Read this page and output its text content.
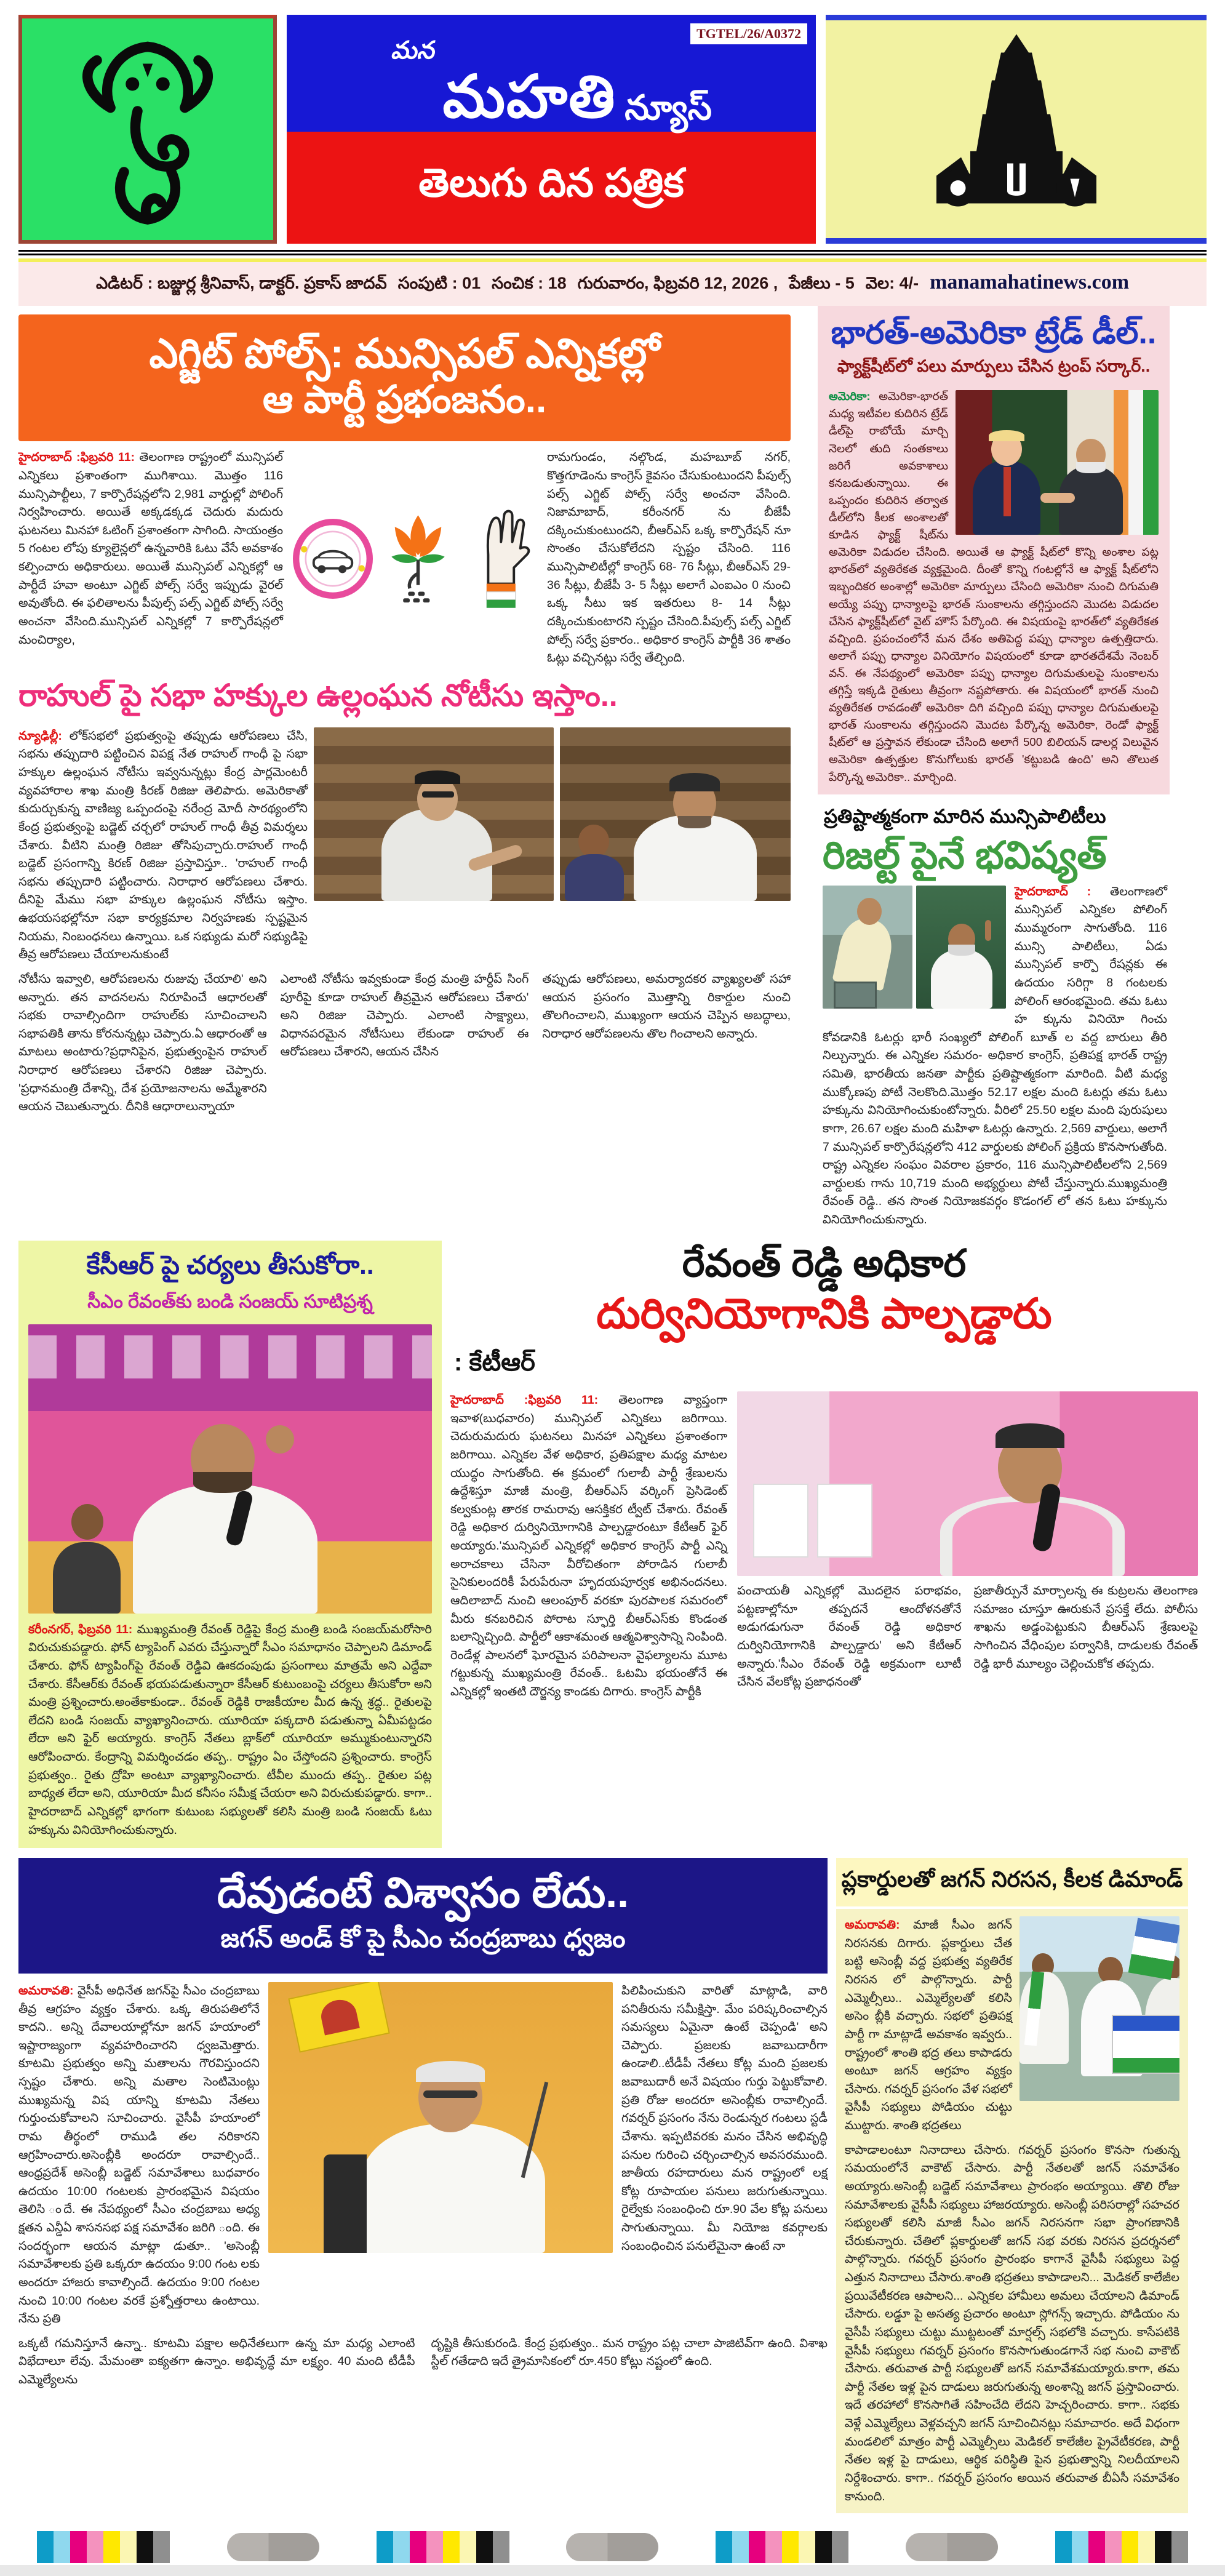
TGTEL/26/A0372
మన
మహతి న్యూస్
తెలుగు దిన పత్రిక
ఎడిటర్ : బజ్జుర్ల శ్రీనివాస్, డాక్టర్. ప్రకాస్ జాదవ్ సంపుటి : 01 సంచిక : 18 గురువారం, ఫిబ్రవరి 12, 2026 , పేజీలు - 5 వెల: 4/- manamahatinews.com
ఎగ్జిట్ పోల్స్: మున్సిపల్ ఎన్నికల్లో
ఆ పార్టీ ప్రభంజనం..

హైదరాబాద్ :ఫిబ్రవరి 11: తెలంగాణ రాష్ట్రంలో మున్సిపల్ ఎన్నికలు ప్రశాంతంగా ముగిశాయి. మొత్తం 116 మున్సిపాల్టీలు, 7 కార్పొరేషన్లలోని 2,981 వార్డుల్లో పోలింగ్ నిర్వహించారు. అయితే అక్కడక్కడ చెదురు మదురు ఘటనలు మినహా ఓటింగ్ ప్రశాంతంగా సాగింది. సాయంత్రం 5 గంటల లోపు క్యూలైన్లలో ఉన్నవారికి ఓటు వేసే అవకాశం కల్పించారు అధికారులు. అయితే మున్సిపల్ ఎన్నికల్లో ఆ పార్టీదే హవా అంటూ ఎగ్జిట్ పోల్స్ సర్వే ఇప్పుడు వైరల్ అవుతోంది. ఈ ఫలితాలను పీపుల్స్ పల్స్ ఎగ్జిట్ పోల్స్ సర్వే అంచనా వేసింది.మున్సిపల్ ఎన్నికల్లో 7 కార్పొరేషన్లలో మంచిర్యాల,

రామగుండం, నల్గొండ, మహబూబ్ నగర్, కొత్తగూడెంను కాంగ్రెస్ కైవసం చేసుకుంటుందని పీపుల్స్ పల్స్ ఎగ్జిట్ పోల్స్ సర్వే అంచనా వేసింది. నిజామాబాద్, కరీంనగర్ ను బీజేపీ దక్కించుకుంటుందని, బీఆర్ఎస్ ఒక్క కార్పొరేషన్ నూ సొంతం చేసుకోలేదని స్పష్టం చేసింది. 116 మున్సిపాలిటీల్లో కాంగ్రెస్ 68- 76 సీట్లు, బీఆర్ఎస్ 29- 36 సీట్లు, బీజేపీ 3- 5 సీట్లు అలాగే ఎంఐఎం 0 నుంచి ఒక్క సీటు ఇక ఇతరులు 8- 14 సీట్లు దక్కించుకుంటారని స్పష్టం చేసింది.పీపుల్స్ పల్స్ ఎగ్జిట్ పోల్స్ సర్వే ప్రకారం.. అధికార కాంగ్రెస్ పార్టీకి 36 శాతం ఓట్లు వచ్చినట్లు సర్వే తేల్చింది.

రాహుల్ పై సభా హక్కుల ఉల్లంఘన నోటీసు ఇస్తాం..

న్యూఢిల్లీ: లోక్‌సభలో ప్రభుత్వంపై తప్పుడు ఆరోపణలు చేసి, సభను తప్పుదారి పట్టించిన విపక్ష నేత రాహుల్ గాంధీ పై సభా హక్కుల ఉల్లంఘన నోటీసు ఇవ్వనున్నట్లు కేంద్ర పార్లమెంటరీ వ్యవహారాల శాఖ మంత్రి కిరణ్ రిజిజు తెలిపారు. అమెరికాతో కుదుర్చుకున్న వాణిజ్య ఒప్పందంపై నరేంద్ర మోదీ సారథ్యంలోని కేంద్ర ప్రభుత్వంపై బడ్జెట్ చర్చలో రాహుల్ గాంధీ తీవ్ర విమర్శలు చేశారు. వీటిని మంత్రి రిజిజు తోసిపుచ్చారు.రాహుల్ గాంధీ బడ్జెట్ ప్రసంగాన్ని కిరణ్ రిజిజు ప్రస్తావిస్తూ.. 'రాహుల్ గాంధీ సభను తప్పుదారి పట్టించారు. నిరాధార ఆరోపణలు చేశారు. దీనిపై మేము సభా హక్కుల ఉల్లంఘన నోటీసు ఇస్తాం. ఉభయసభల్లోనూ సభా కార్యక్రమాల నిర్వహణకు స్పష్టమైన నియమ, నింబంధనలు ఉన్నాయి. ఒక సభ్యుడు మరో సభ్యుడిపై తీవ్ర ఆరోపణలు చేయాలనుకుంటే

నోటీసు ఇవ్వాలి, ఆరోపణలను రుజువు చేయాలి' అని అన్నారు. తన వాదనలను నిరూపించే ఆధారలతో సభకు రావాల్సిందిగా రాహుల్‌కు సూచించాలని సభాపతికి తాను కోరనున్నట్లు చెప్పారు.ఏ ఆధారంతో ఆ మాటలు అంటారు?ప్రధానిపైన, ప్రభుత్వంపైన రాహుల్ నిరాధార ఆరోపణలు చేశారని రిజిజు చెప్పారు. 'ప్రధానమంత్రి దేశాన్ని, దేశ ప్రయోజనాలను అమ్మేశారని ఆయన చెబుతున్నారు. దీనికి ఆధారాలున్నాయా

ఎలాంటి నోటీసు ఇవ్వకుండా కేంద్ర మంత్రి హర్దీప్ సింగ్ పూరీపై కూడా రాహుల్ తీవ్రమైన ఆరోపణలు చేశారు' అని రిజిజు చెప్పారు. ఎలాంటి సాక్ష్యాలు, విధానపరమైన నోటీసులు లేకుండా రాహుల్ ఈ ఆరోపణలు చేశారని, ఆయన చేసిన

తప్పుడు ఆరోపణలు, అమర్యాదకర వ్యాఖ్యలతో సహా ఆయన ప్రసంగం మొత్తాన్ని రికార్డుల నుంచి తొలగించాలని, ముఖ్యంగా ఆయన చెప్పిన అబద్ధాలు, నిరాధార ఆరోపణలను తొల గించాలని అన్నారు.

భారత్-అమెరికా ట్రేడ్ డీల్..
ఫ్యాక్ట్‌షీట్‌లో పలు మార్పులు చేసిన ట్రంప్ సర్కార్..

అమెరికా: అమెరికా-భారత్ మధ్య ఇటీవల కుదిరిన ట్రేడ్ డీల్‌పై రాబోయే మార్చి నెలలో తుది సంతకాలు జరిగే అవకాశాలు కనబడుతున్నాయి. ఈ ఒప్పందం కుదిరిన తర్వాత డీల్‌లోని కీలక అంశాలతో కూడిన ఫ్యాక్ట్ షీట్‌ను అమెరికా విడుదల చేసింది. అయితే ఆ ఫ్యాక్ట్ షీట్‌లో కొన్ని అంశాల పట్ల భారత్‌లో వ్యతిరేకత వ్యక్తమైంది. దీంతో కొన్ని గంటల్లోనే ఆ ఫ్యాక్ట్ షీట్‌లోని ఇబ్బందికర అంశాల్లో అమెరికా మార్పులు చేసింది అమెరికా నుంచి దిగుమతి అయ్యే పప్పు ధాన్యాలపై భారత్ సుంకాలను తగ్గిస్తుందని మొదట విడుదల చేసిన ఫ్యాక్ట్‌షీట్‌లో వైట్ హౌస్ పేర్కొంది. ఈ విషయంపై భారత్‌లో వ్యతిరేకత వచ్చింది. ప్రపంచంలోనే మన దేశం అతిపెద్ద పప్పు ధాన్యాల ఉత్పత్తిదారు. అలాగే పప్పు ధాన్యాల వినియోగం విషయంలో కూడా భారతదేశమే నెంబర్ వన్. ఈ నేపథ్యంలో అమెరికా పప్పు ధాన్యాల దిగుమతులపై సుంకాలను తగ్గిస్తే ఇక్కడి రైతులు తీవ్రంగా నష్టపోతారు. ఈ విషయంలో భారత్ నుంచి వ్యతిరేకత రావడంతో అమెరికా దిగి వచ్చింది పప్పు ధాన్యాల దిగుమతులపై భారత్ సుంకాలను తగ్గిస్తుందని మొదట పేర్కొన్న అమెరికా, రెండో ఫ్యాక్ట్ షీట్‌లో ఆ ప్రస్తావన లేకుండా చేసింది అలాగే 500 బిలియన్ డాలర్ల విలువైన అమెరికా ఉత్పత్తుల కొనుగోలుకు భారత్ 'కట్టుబడి ఉంది' అని తొలుత పేర్కొన్న అమెరికా.. మార్చింది.

ప్రతిష్టాత్మకంగా మారిన మున్సిపాలిటీలు
రిజల్ట్ పైనే భవిష్యత్

హైదరాబాద్ : తెలంగాణలో మున్సిపల్ ఎన్నికల పోలింగ్ ముమ్మరంగా సాగుతోంది. 116 మున్సి పాలిటీలు, ఏడు మున్సిపల్ కార్పొ రేషన్లకు ఈ ఉదయం సరిగ్గా 8 గంటలకు పోలింగ్ ఆరంభమైంది. తమ ఓటు హ క్కును వినియో గించు కోవడానికి ఓటర్లు భారీ సంఖ్యలో పోలింగ్ బూత్ ల వద్ద బారులు తీరి నిల్చున్నారు. ఈ ఎన్నికల సమరం- అధికార కాంగ్రెస్, ప్రతిపక్ష భారత్ రాష్ట్ర సమితి, భారతీయ జనతా పార్టీకు ప్రతిష్టాత్మకంగా మారింది. వీటి మధ్య ముక్కోణపు పోటీ నెలకొంది.మొత్తం 52.17 లక్షల మంది ఓటర్లు తమ ఓటు హక్కును వినియోగించుకుంటోన్నారు. వీరిలో 25.50 లక్షల మంది పురుషులు కాగా, 26.67 లక్షల మంది మహిళా ఓటర్లు ఉన్నారు. 2,569 వార్డులు, అలాగే 7 మున్సిపల్ కార్పొరేషన్లలోని 412 వార్డులకు పోలింగ్ ప్రక్రియ కొనసాగుతోంది. రాష్ట్ర ఎన్నికల సంఘం వివరాల ప్రకారం, 116 మున్సిపాలిటీలలోని 2,569 వార్డులకు గాను 10,719 మంది అభ్యర్థులు పోటీ చేస్తున్నారు.ముఖ్యమంత్రి రేవంత్ రెడ్డి.. తన సొంత నియోజకవర్గం కొడంగల్ లో తన ఓటు హక్కును వినియోగించుకున్నారు.

కేసీఆర్ పై చర్యలు తీసుకోరా..
సీఎం రేవంత్‌కు బండి సంజయ్ సూటిప్రశ్న

కరీంనగర్, ఫిబ్రవరి 11: ముఖ్యమంత్రి రేవంత్ రెడ్డిపై కేంద్ర మంత్రి బండి సంజయ్‌మరోసారి విరుచుకుపడ్డారు. ఫోన్ ట్యాపింగ్ ఎవరు చేస్తున్నారో సీఎం సమాధానం చెప్పాలని డిమాండ్ చేశారు. ఫోన్ ట్యాపింగ్‌పై రేవంత్ రెడ్డివి ఊకదంపుడు ప్రసంగాలు మాత్రమే అని ఎద్దేవా చేశారు. కేసీఆర్‌కు రేవంత్ భయపడుతున్నారా కేసీఆర్ కుటుంబంపై చర్యలు తీసుకోరా అని మంత్రి ప్రశ్నించారు.అంతేకాకుండా.. రేవంత్ రెడ్డికి రాజకీయాల మీద ఉన్న శ్రద్ధ.. రైతులపై లేదని బండి సంజయ్ వ్యాఖ్యానించారు. యూరియా పక్కదారి పడుతున్నా ఏమీపట్టడం లేదా అని ఫైర్ అయ్యారు. కాంగ్రెస్ నేతలు బ్లాక్‌లో యూరియా అమ్ముకుంటున్నారని ఆరోపించారు. కేంద్రాన్ని విమర్శించడం తప్ప.. రాష్ట్రం ఏం చేస్తోందని ప్రశ్నించారు. కాంగ్రెస్ ప్రభుత్వం.. రైతు ద్రోహి అంటూ వ్యాఖ్యానించారు. టీవీల ముందు తప్ప.. రైతుల పట్ల బాధ్యత లేదా అని, యూరియా మీద కనీసం సమీక్ష చేయరా అని విరుచుకుపడ్డారు. కాగా.. హైదరాబాద్ ఎన్నికల్లో భాగంగా కుటుంబ సభ్యులతో కలిసి మంత్రి బండి సంజయ్ ఓటు హక్కును వినియోగించుకున్నారు.

రేవంత్ రెడ్డి అధికార
దుర్వినియోగానికి పాల్పడ్డారు
: కేటీఆర్

హైదరాబాద్ :ఫిబ్రవరి 11: తెలంగాణ వ్యాప్తంగా ఇవాళ(బుధవారం) మున్సిపల్ ఎన్నికలు జరిగాయి. చెదురుమదురు ఘటనలు మినహా ఎన్నికలు ప్రశాంతంగా జరిగాయి. ఎన్నికల వేళ అధికార, ప్రతిపక్షాల మధ్య మాటల యుద్ధం సాగుతోంది. ఈ క్రమంలో గులాబీ పార్టీ శ్రేణులను ఉద్దేశిస్తూ మాజీ మంత్రి, బీఆర్ఎస్ వర్కింగ్ ప్రెసిడెంట్ కల్వకుంట్ల తారక రామరావు ఆసక్తికర ట్వీట్ చేశారు. రేవంత్ రెడ్డి అధికార దుర్వినియోగానికి పాల్పడ్డారంటూ కేటీఆర్ ఫైర్ అయ్యారు.'మున్సిపల్ ఎన్నికల్లో అధికార కాంగ్రెస్ పార్టీ ఎన్ని అరాచకాలు చేసినా వీరోచితంగా పోరాడిన గులాబీ సైనికులందరికీ పేరుపేరునా హృదయపూర్వక అభినందనలు. ఆదిలాబాద్ నుంచి ఆలంపూర్ వరకూ పురపాలక సమరంలో మీరు కనబరిచిన పోరాట స్ఫూర్తి బీఆర్ఎస్‌కు కొండంత బలాన్నిచ్చింది. పార్టీలో ఆకాశమంత ఆత్మవిశ్వాసాన్ని నింపింది. రెండేళ్ల పాలనలో ఘోరమైన పరిపాలనా వైఫల్యాలను మూట గట్టుకున్న ముఖ్యమంత్రి రేవంత్.. ఓటమి భయంతోనే ఈ ఎన్నికల్లో ఇంతటి దౌర్జన్య కాండకు దిగారు. కాంగ్రెస్ పార్టీకి

పంచాయతీ ఎన్నికల్లో మొదలైన పరాభవం, పట్టణాల్లోనూ తప్పదనే ఆందోళనతోనే అడుగడుగునా రేవంత్ రెడ్డి అధికార దుర్వినియోగానికి పాల్పడ్డారు' అని కేటీఆర్ అన్నారు.'సీఎం రేవంత్ రెడ్డి అక్రమంగా లూటీ చేసిన వేలకోట్ల ప్రజాధనంతో

ప్రజాతీర్పునే మార్చాలన్న ఈ కుట్రలను తెలంగాణ సమాజం చూస్తూ ఊరుకునే ప్రసక్తే లేదు. పోలీసు శాఖను అడ్డంపెట్టుకుని బీఆర్ఎస్ శ్రేణులపై సాగించిన వేధింపుల పర్వానికి, దాడులకు రేవంత్ రెడ్డి భారీ మూల్యం చెల్లించుకోక తప్పదు.

దేవుడంటే విశ్వాసం లేదు..
జగన్ అండ్ కో పై సీఎం చంద్రబాబు ధ్వజం

అమరావతి: వైసీపీ అధినేత జగన్‌పై సీఎం చంద్రబాబు తీవ్ర ఆగ్రహం వ్యక్తం చేశారు. ఒక్క తిరుపతిలోనే కాదని.. అన్ని దేవాలయాల్లోనూ జగన్ హయాంలో ఇష్టారాజ్యంగా వ్యవహరించారని ధ్వజమెత్తారు. కూటమి ప్రభుత్వం అన్ని మతాలను గౌరవిస్తుందని స్పష్టం చేశారు. అన్ని మతాల సెంటిమెంట్లు ముఖ్యమన్న విష యాన్ని కూటమి నేతలు గుర్తుంచుకోవాలని సూచించారు. వైసీపీ హయాంలో రామ తీర్థంలో రాముడి తల నరికారని ఆగ్రహించారు.అసెంబ్లీకి అందరూ రావాల్సిందే.. ఆంధ్రప్రదేశ్ అసెంబ్లీ బడ్జెట్ సమావేశాలు బుధవారం ఉదయం 10:00 గంటలకు ప్రారంభమైన విషయం తెలిసి ందే. ఈ నేపథ్యంలో సీఎం చంద్రబాబు అధ్య క్షతన ఎన్డీఏ శాసనసభ పక్ష సమావేశం జరిగి ంది. ఈ సందర్భంగా ఆయన మాట్లా డుతూ.. 'అసెంబ్లీ సమావేశాలకు ప్రతి ఒక్కరూ ఉదయం 9:00 గంట లకు అందరూ హాజరు కావాల్సిందే. ఉదయం 9:00 గంటల నుంచి 10:00 గంటల వరకే ప్రశ్నోత్తరాలు ఉంటాయి. నేను ప్రతి

పిలిపించుకుని వారితో మాట్లాడి, వారి పనితీరును సమీక్షిస్తా. మేం పరిష్కరించాల్సిన సమస్యలు ఏమైనా ఉంటే చెప్పండి' అని చెప్పారు. ప్రజలకు జవాబుదారీగా ఉండాలి..టీడీపీ నేతలు కోట్ల మంది ప్రజలకు జవాబుదారీ అనే విషయం గుర్తు పెట్టుకోవాలి. ప్రతి రోజు అందరూ అసెంబ్లీకు రావాల్సిందే. గవర్నర్ ప్రసంగం నేను రెండున్నర గంటలు స్టడీ చేశాను. ఇప్పటివరకు మనం చేసిన అభివృద్ధి పనుల గురించి చర్చించాల్సిన అవసరముంది. జాతీయ రహదారులు మన రాష్ట్రంలో లక్ష కోట్ల రూపాయల పనులు జరుగుతున్నాయి. రైల్వేకు సంబంధించి రూ.90 వేల కోట్ల పనులు సాగుతున్నాయి. మీ నియోజ కవర్గాలకు సంబంధించిన పనులేమైనా ఉంటే నా

ఒక్కటీ గమనిస్తూనే ఉన్నా.. కూటమి పక్షాల అధినేతలుగా ఉన్న మా మధ్య ఎలాంటి విభేదాలూ లేవు. మేమంతా ఐక్యతగా ఉన్నాం. అభివృద్ధే మా లక్ష్యం. 40 మంది టీడీపీ ఎమ్మెల్యేలను

దృష్టికి తీసుకురండి. కేంద్ర ప్రభుత్వం.. మన రాష్ట్రం పట్ల చాలా పాజిటివ్‌గా ఉంది. విశాఖ స్టీల్ గతేడాది ఇదే త్రైమాసికంలో రూ.450 కోట్లు నష్టంలో ఉంది.

ప్లకార్డులతో జగన్ నిరసన, కీలక డిమాండ్

అమరావతి: మాజీ సీఎం జగన్ నిరసనకు దిగారు. ప్లకార్డులు చేత బట్టి అసెంబ్లీ వద్ద ప్రభుత్వ వ్యతిరేక నిరసన లో పాల్గొన్నారు. పార్టీ ఎమ్మెల్సీలు.. ఎమ్మెల్యేలతో కలిసి అసెం బ్లీకి వచ్చారు. సభలో ప్రతిపక్ష పార్టీ గా మాట్లాడే అవకాశం ఇవ్వరు.. రాష్ట్రంలో శాంతి భద్ర తలు కాపాడరు అంటూ జగన్ ఆగ్రహం వ్యక్తం చేసారు. గవర్నర్ ప్రసంగం వేళ సభలో వైసీపీ సభ్యులు పోడియం చుట్టు ముట్టారు. శాంతి భద్రతలు

కాపాడాలంటూ నినాదాలు చేసారు. గవర్నర్ ప్రసంగం కొనసా గుతున్న సమయంలోనే వాకౌట్ చేసారు. పార్టీ నేతలతో జగన్ సమావేశం అయ్యారు.అసెంబ్లీ బడ్జెట్ సమావేశాలు ప్రారంభం అయ్యాయి. తొలి రోజు సమావేశాలకు వైసీపీ సభ్యులు హాజరయ్యారు. అసెంబ్లీ పరిసరాల్లో సహచర సభ్యులతో కలిసి మాజీ సీఎం జగన్ నిరసనగా సభా ప్రాంగణానికి చేరుకున్నారు. చేతిలో ప్లకార్డులతో జగన్ సభ వరకు నిరసన ప్రదర్శనలో పాల్గొన్నారు. గవర్నర్ ప్రసంగం ప్రారంభం కాగానే వైసీపీ సభ్యులు పెద్ద ఎత్తున నినాదాలు చేసారు.శాంతి భద్రతలు కాపాడాలని... మెడికల్ కాలేజీల ప్రయివేటీకరణ ఆపాలని... ఎన్నికల హామీలు అమలు చేయాలని డిమాండ్ చేసారు. లడ్డూ పై అసత్య ప్రచారం అంటూ స్లోగన్స్ ఇచ్చారు. పోడియం ను వైసీపీ సభ్యులు చుట్టు ముట్టటంతో మార్షల్స్ సభలోకి వచ్చారు. కాసేపటికి వైసీపీ సభ్యులు గవర్నర్ ప్రసంగం కొనసాగుతుండగానే సభ నుంచి వాకౌట్ చేసారు. తరువాత పార్టీ సభ్యులతో జగన్ సమావేశమయ్యారు.కాగా, తమ పార్టీ నేతల ఇళ్ల పైన దాడులు జరుగుతున్న అంశాన్ని జగన్ ప్రస్తావించారు. ఇదే తరహాలో కొనసాగితే సహించేది లేదని హెచ్చరించారు. కాగా.. సభకు వెళ్లే ఎమ్మెల్యేలు వెళ్లవచ్చని జగన్ సూచించినట్లు సమాచారం. అదే విధంగా మండలిలో మాత్రం పార్టీ ఎమ్మెల్సీలు మెడికల్ కాలేజీల ప్రైవేటీకరణ, పార్టీ నేతల ఇళ్ల పై దాడులు, ఆర్థిక పరిస్థితి పైన ప్రభుత్వాన్ని నిలదీయాలని నిర్దేశించారు. కాగా.. గవర్నర్ ప్రసంగం అయిన తరువాత బీఏసీ సమావేశం కానుంది.
